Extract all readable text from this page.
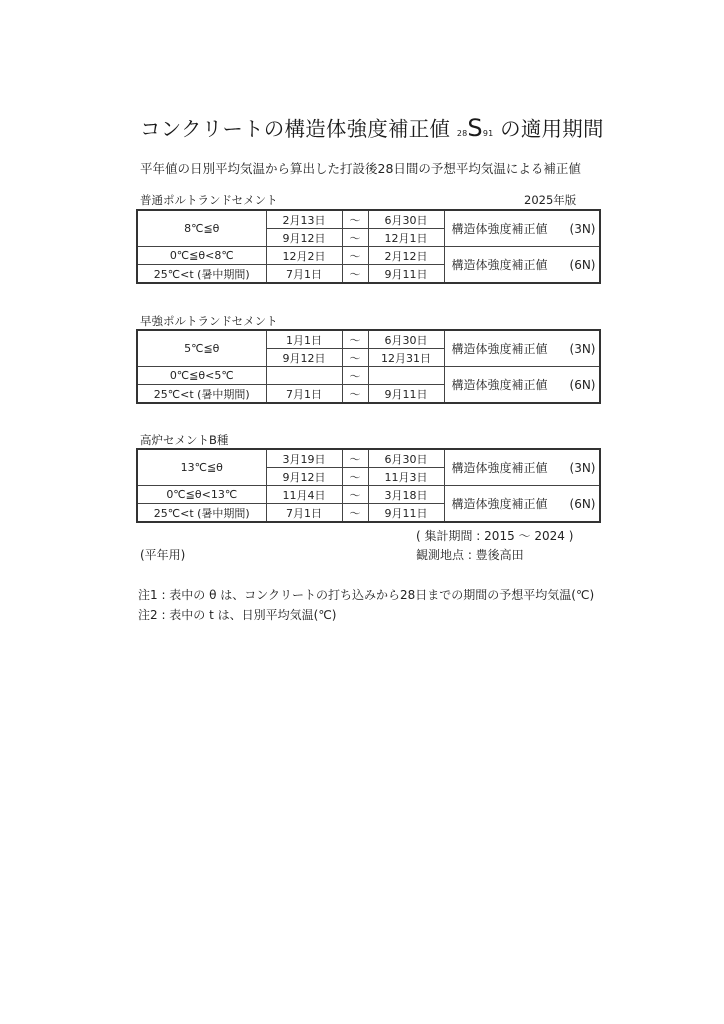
コンクリートの構造体強度補正値 28S91 の適用期間
平年値の日別平均気温から算出した打設後28日間の予想平均気温による補正値
普通ポルトランドセメント	2025年版
8℃≦θ	2月13日	〜	6月30日	構造体強度補正値 (3N)
	9月12日	〜	12月1日	
0℃≦θ<8℃	12月2日	〜	2月12日	構造体強度補正値 (6N)
25℃<t (暑中期間)	7月1日	〜	9月11日	
早強ポルトランドセメント
5℃≦θ	1月1日	〜	6月30日	構造体強度補正値 (3N)
	9月12日	〜	12月31日	
0℃≦θ<5℃		〜		構造体強度補正値 (6N)
25℃<t (暑中期間)	7月1日	〜	9月11日	
高炉セメントB種
13℃≦θ	3月19日	〜	6月30日	構造体強度補正値 (3N)
	9月12日	〜	11月3日	
0℃≦θ<13℃	11月4日	〜	3月18日	構造体強度補正値 (6N)
25℃<t (暑中期間)	7月1日	〜	9月11日	
( 集計期間 : 2015 〜 2024 )
(平年用)	観測地点 : 豊後高田
注1 : 表中の θ は、コンクリートの打ち込みから28日までの期間の予想平均気温(℃)
注2 : 表中の t は、日別平均気温(℃)
